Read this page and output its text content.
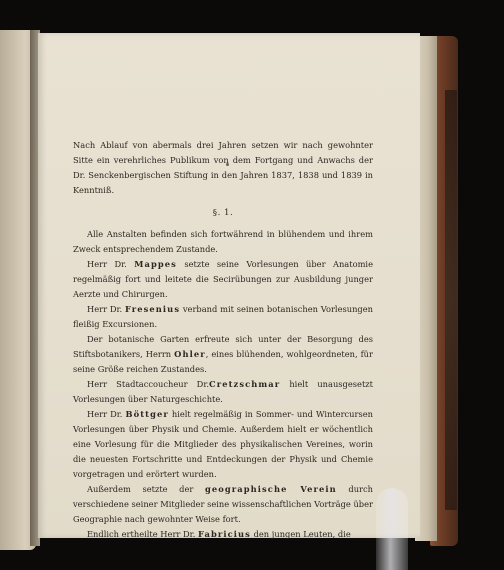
Nach Ablauf von abermals drei Jahren setzen wir nach gewohnter Sitte ein verehrliches Publikum von dem Fortgang und Anwachs der Dr. Senckenbergischen Stiftung in den Jahren 1837, 1838 und 1839 in Kenntniß.

§. 1.

Alle Anstalten befinden sich fortwährend in blühendem und ihrem Zweck entsprechendem Zustande.

Herr Dr. Mappes setzte seine Vorlesungen über Anatomie regelmäßig fort und leitete die Secirübungen zur Ausbildung junger Aerzte und Chirurgen.

Herr Dr. Fresenius verband mit seinen botanischen Vorlesungen fleißig Excursionen.

Der botanische Garten erfreute sich unter der Besorgung des Stiftsbotanikers, Herrn Ohler, eines blühenden, wohlgeordneten, für seine Größe reichen Zustandes.

Herr Stadtaccoucheur Dr.Cretzschmar hielt unausgesetzt Vorlesungen über Naturgeschichte.

Herr Dr. Böttger hielt regelmäßig in Sommer- und Wintercursen Vorlesungen über Physik und Chemie. Außerdem hielt er wöchentlich eine Vorlesung für die Mitglieder des physikalischen Vereines, worin die neuesten Fortschritte und Entdeckungen der Physik und Chemie vorgetragen und erörtert wurden.

Außerdem setzte der geographische Verein durch verschiedene seiner Mitglieder seine wissenschaftlichen Vorträge über Geographie nach gewohnter Weise fort.

Endlich ertheilte Herr Dr. Fabricius den jungen Leuten, die
